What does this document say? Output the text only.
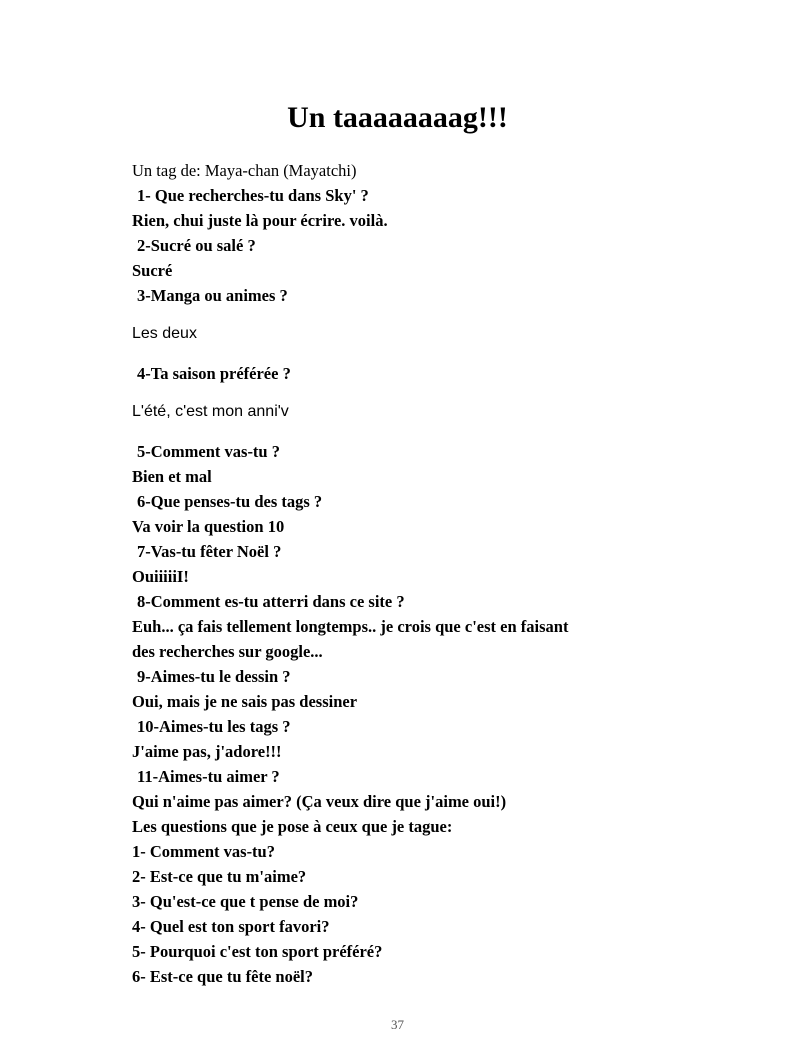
Un taaaaaaaag!!!
Un tag de: Maya-chan (Mayatchi)
1- Que recherches-tu dans Sky' ?
Rien, chui juste là pour écrire. voilà.
2-Sucré ou salé ?
Sucré
3-Manga ou animes ?
Les deux
4-Ta saison préférée ?
L'été, c'est mon anni'v
5-Comment vas-tu ?
Bien et mal
6-Que penses-tu des tags ?
Va voir la question 10
7-Vas-tu fêter Noël ?
OuiiiiiI!
8-Comment es-tu atterri dans ce site ?
Euh... ça fais tellement longtemps.. je crois que c'est en faisant
des recherches sur google...
9-Aimes-tu le dessin ?
Oui, mais je ne sais pas dessiner
10-Aimes-tu les tags ?
J'aime pas, j'adore!!!
11-Aimes-tu aimer ?
Qui n'aime pas aimer? (Ça veux dire que j'aime oui!)
Les questions que je pose à ceux que je tague:
1- Comment vas-tu?
2- Est-ce que tu m'aime?
3- Qu'est-ce que t pense de moi?
4- Quel est ton sport favori?
5- Pourquoi c'est ton sport préféré?
6- Est-ce que tu fête noël?
37
